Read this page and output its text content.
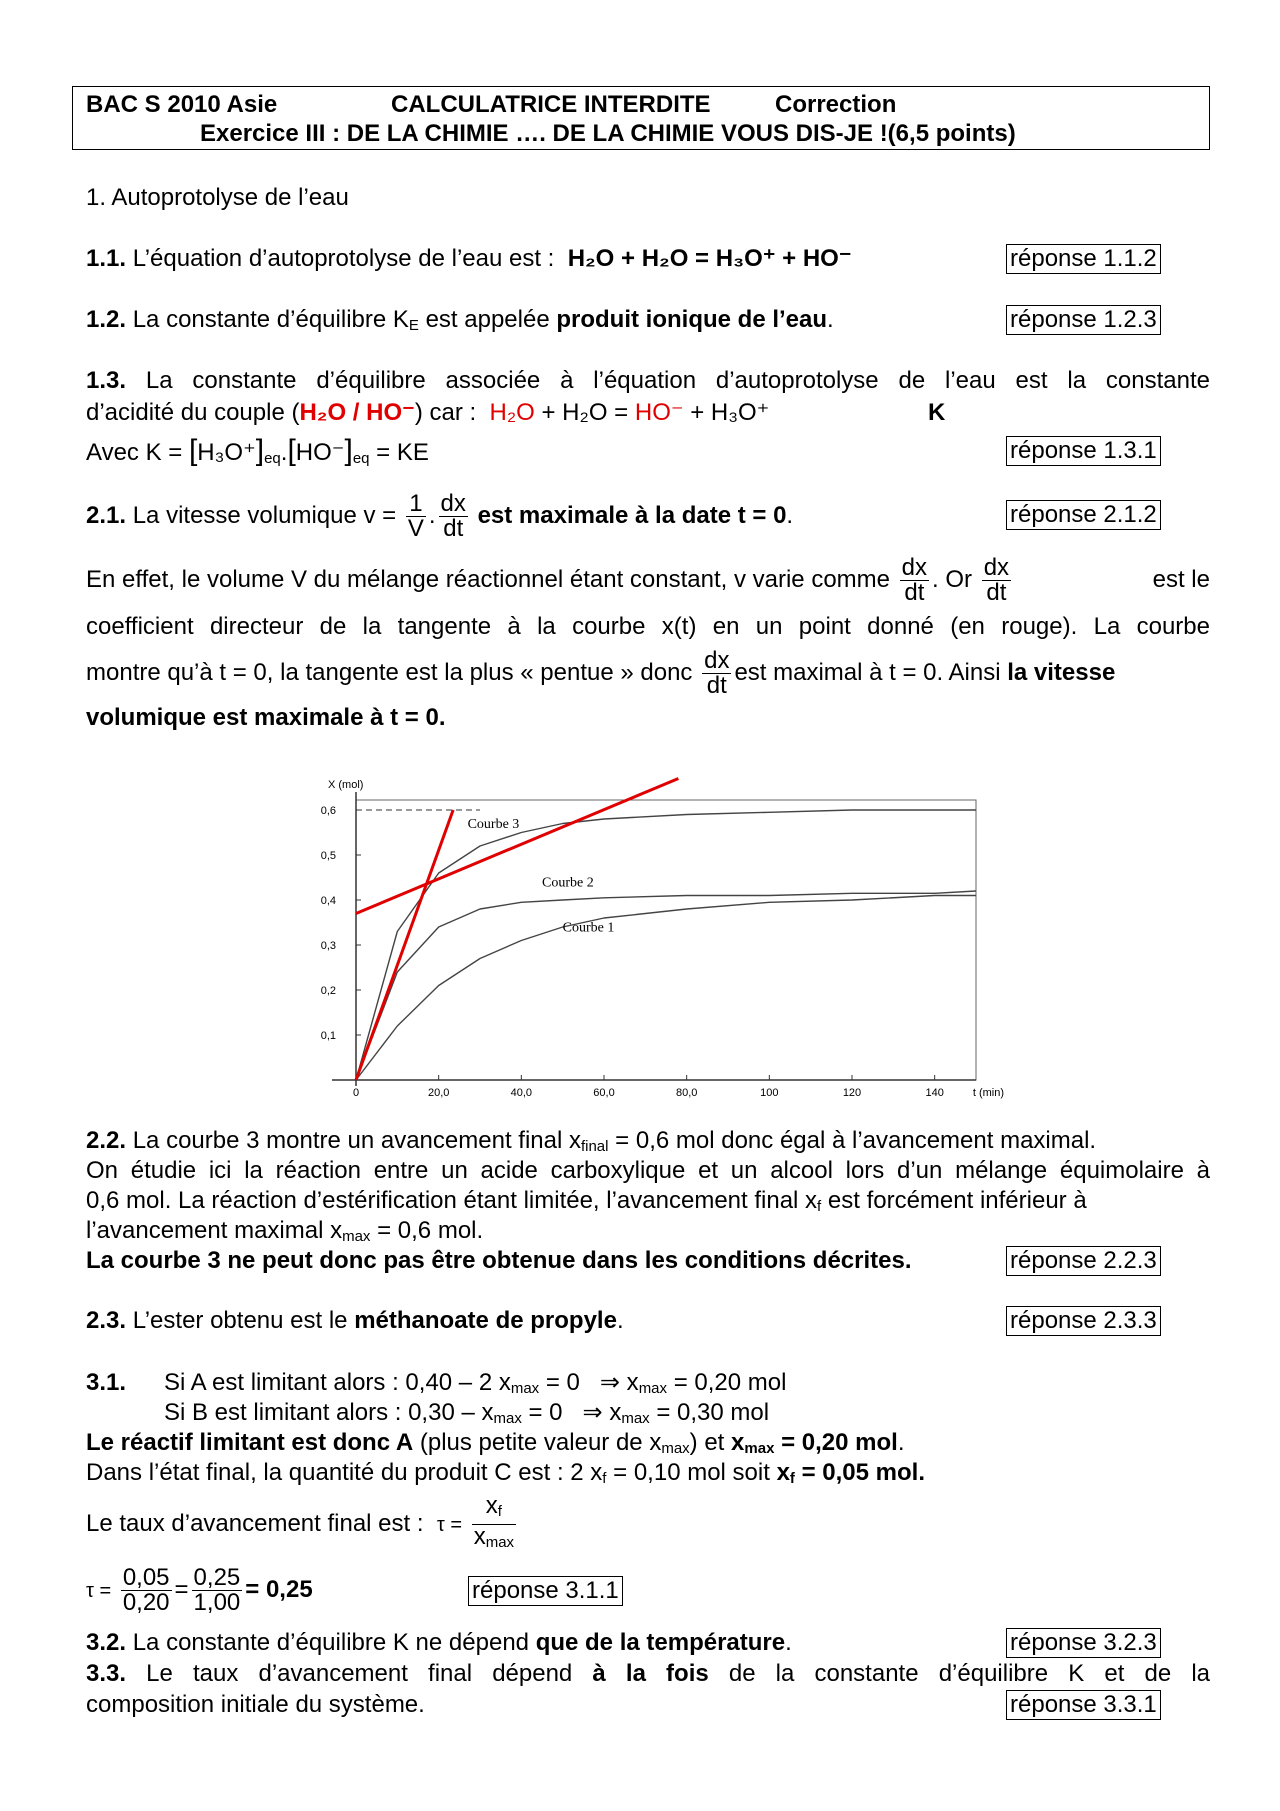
BAC S 2010 Asie	CALCULATRICE INTERDITE	Correction
Exercice III : DE LA CHIMIE …. DE LA CHIMIE VOUS DIS-JE !(6,5 points)
1. Autoprotolyse de l’eau
1.1. L’équation d’autoprotolyse de l’eau est : H₂O + H₂O = H₃O⁺ + HO⁻	réponse 1.1.2
1.2. La constante d’équilibre $K_E$ est appelée produit ionique de l’eau.	réponse 1.2.3
1.3. La constante d’équilibre associée à l’équation d’autoprotolyse de l’eau est la constante
d’acidité du couple (H₂O / HO⁻) car : H₂O + H₂O = HO⁻ + H₃O⁺	K
Avec $K = [H_3O^+]_{eq}.[HO^-]_{eq}$ = KE	réponse 1.3.1
2.1. La vitesse volumique $v = \frac{1}{V}$ . $\frac{dx}{dt}$ est maximale à la date t = 0.	réponse 2.1.2
En effet, le volume V du mélange réactionnel étant constant, v varie comme $\frac{dx}{dt}$ . Or $\frac{dx}{dt}$	est le
coefficient directeur de la tangente à la courbe x(t) en un point donné (en rouge). La courbe
montre qu’à t = 0, la tangente est la plus « pentue » donc $\frac{dx}{dt}$ est maximal à t = 0. Ainsi la vitesse
volumique est maximale à t = 0.
0	20,0	40,0	60,0	80,0	100	120	140
0,1
0,2
0,3
0,4
0,5
0,6
X (mol)
t (min)
Courbe 1
Courbe 2
Courbe 3
2.2. La courbe 3 montre un avancement final $x_{final} = 0,6$ mol donc égal à l’avancement maximal.
On étudie ici la réaction entre un acide carboxylique et un alcool lors d’un mélange équimolaire à
0,6 mol. La réaction d’estérification étant limitée, l’avancement final $x_f$ est forcément inférieur à
l’avancement maximal $x_{max} = 0,6$ mol.
La courbe 3 ne peut donc pas être obtenue dans les conditions décrites.	réponse 2.2.3
2.3. L’ester obtenu est le méthanoate de propyle.	réponse 2.3.3
3.1. Si A est limitant alors : 0,40 – 2 $x_{max} = 0$ ⇒ $x_{max} = 0,20$ mol
Si B est limitant alors : $0,30 - x_{max} = 0$ ⇒ $x_{max} = 0,30$ mol
Le réactif limitant est donc A (plus petite valeur de $x_{max}$) et $x_{max} = 0,20$ mol.
Dans l’état final, la quantité du produit C est : 2 $x_f = 0,10$ mol soit $x_f = 0,05$ mol.
Le taux d’avancement final est : $\tau = \frac{x_f}{x_{max}}$
$\tau = \frac{0,05}{0,20} = \frac{0,25}{1,00} = 0,25$	réponse 3.1.1
3.2. La constante d’équilibre K ne dépend que de la température.	réponse 3.2.3
3.3. Le taux d’avancement final dépend à la fois de la constante d’équilibre K et de la
composition initiale du système.	réponse 3.3.1
